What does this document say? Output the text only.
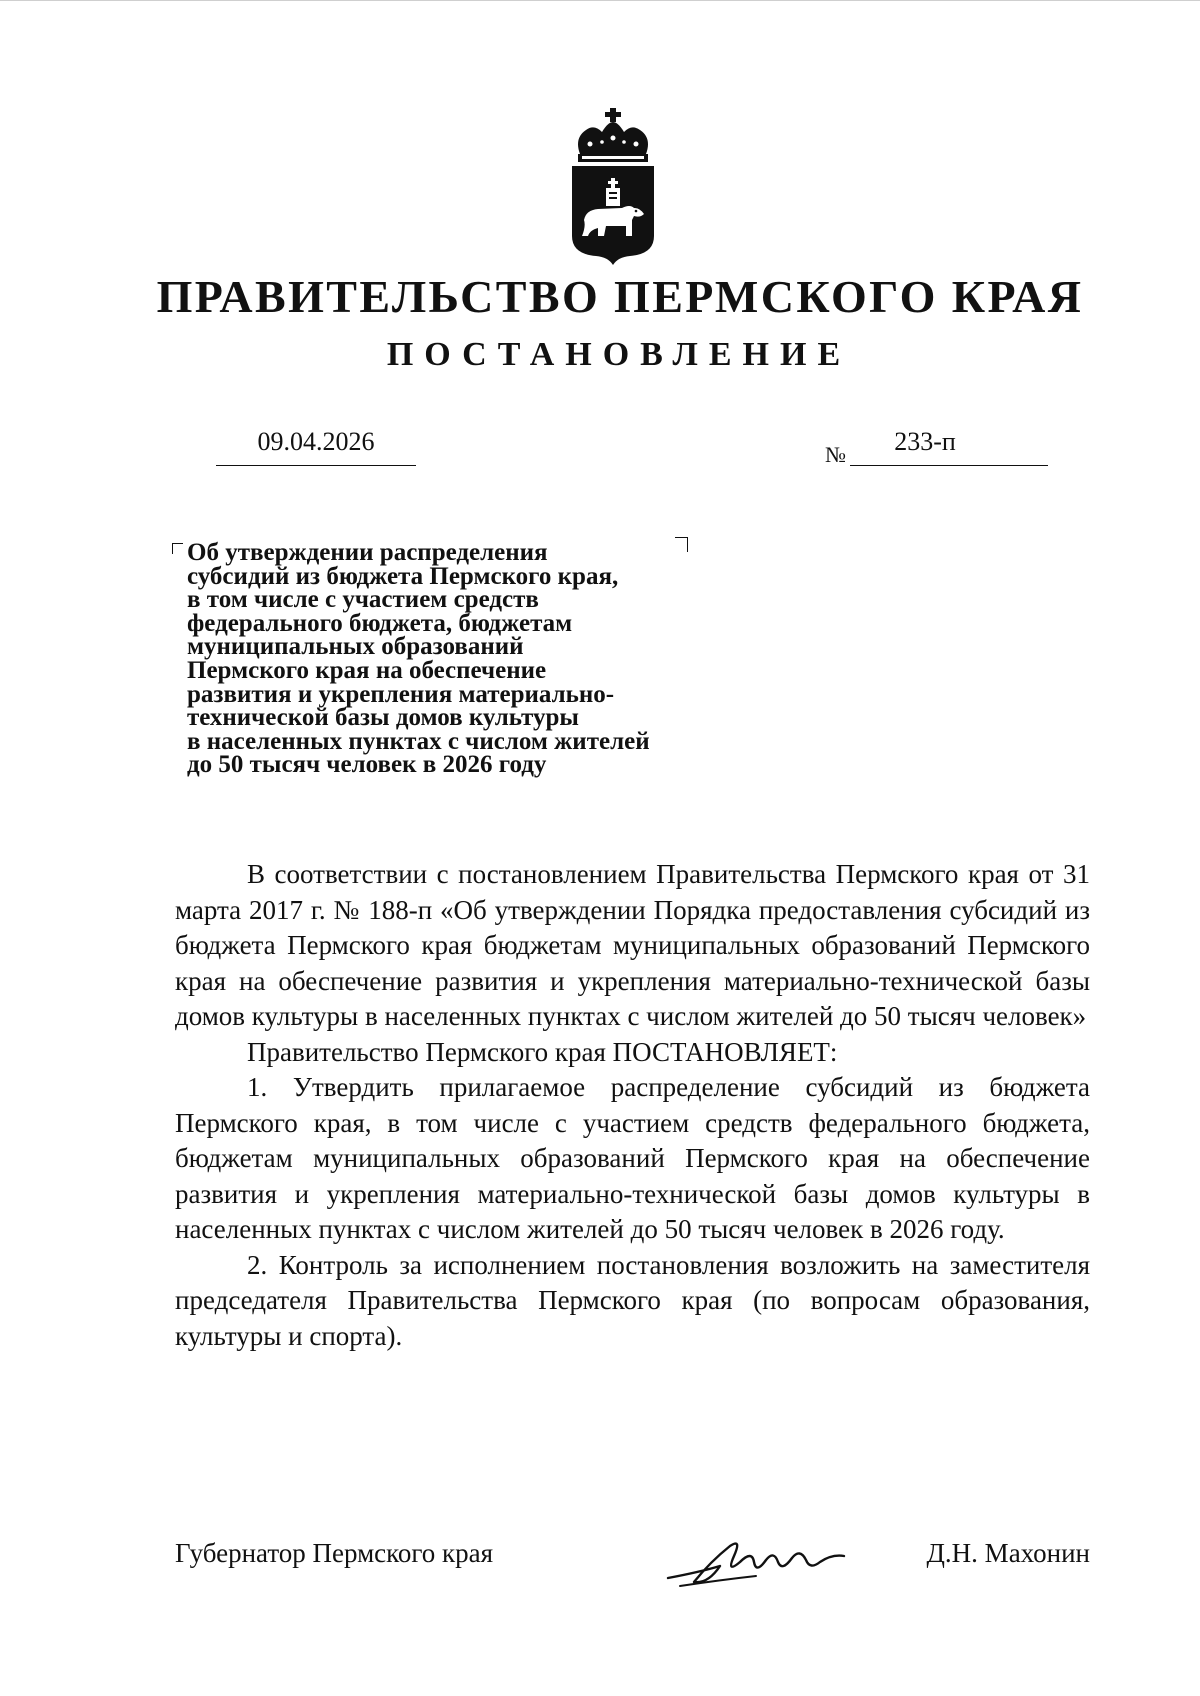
ПРАВИТЕЛЬСТВО ПЕРМСКОГО КРАЯ
ПОСТАНОВЛЕНИЕ
09.04.2026	№	233-п
Об утверждении распределения
субсидий из бюджета Пермского края,
в том числе с участием средств
федерального бюджета, бюджетам
муниципальных образований
Пермского края на обеспечение
развития и укрепления материально-
технической базы домов культуры
в населенных пунктах с числом жителей
до 50 тысяч человек в 2026 году

В соответствии с постановлением Правительства Пермского края от 31 марта 2017 г. № 188-п «Об утверждении Порядка предоставления субсидий из бюджета Пермского края бюджетам муниципальных образований Пермского края на обеспечение развития и укрепления материально-технической базы домов культуры в населенных пунктах с числом жителей до 50 тысяч человек»

Правительство Пермского края ПОСТАНОВЛЯЕТ:

1. Утвердить прилагаемое распределение субсидий из бюджета Пермского края, в том числе с участием средств федерального бюджета, бюджетам муниципальных образований Пермского края на обеспечение развития и укрепления материально-технической базы домов культуры в населенных пунктах с числом жителей до 50 тысяч человек в 2026 году.

2. Контроль за исполнением постановления возложить на заместителя председателя Правительства Пермского края (по вопросам образования, культуры и спорта).

Губернатор Пермского края	Д.Н. Махонин
